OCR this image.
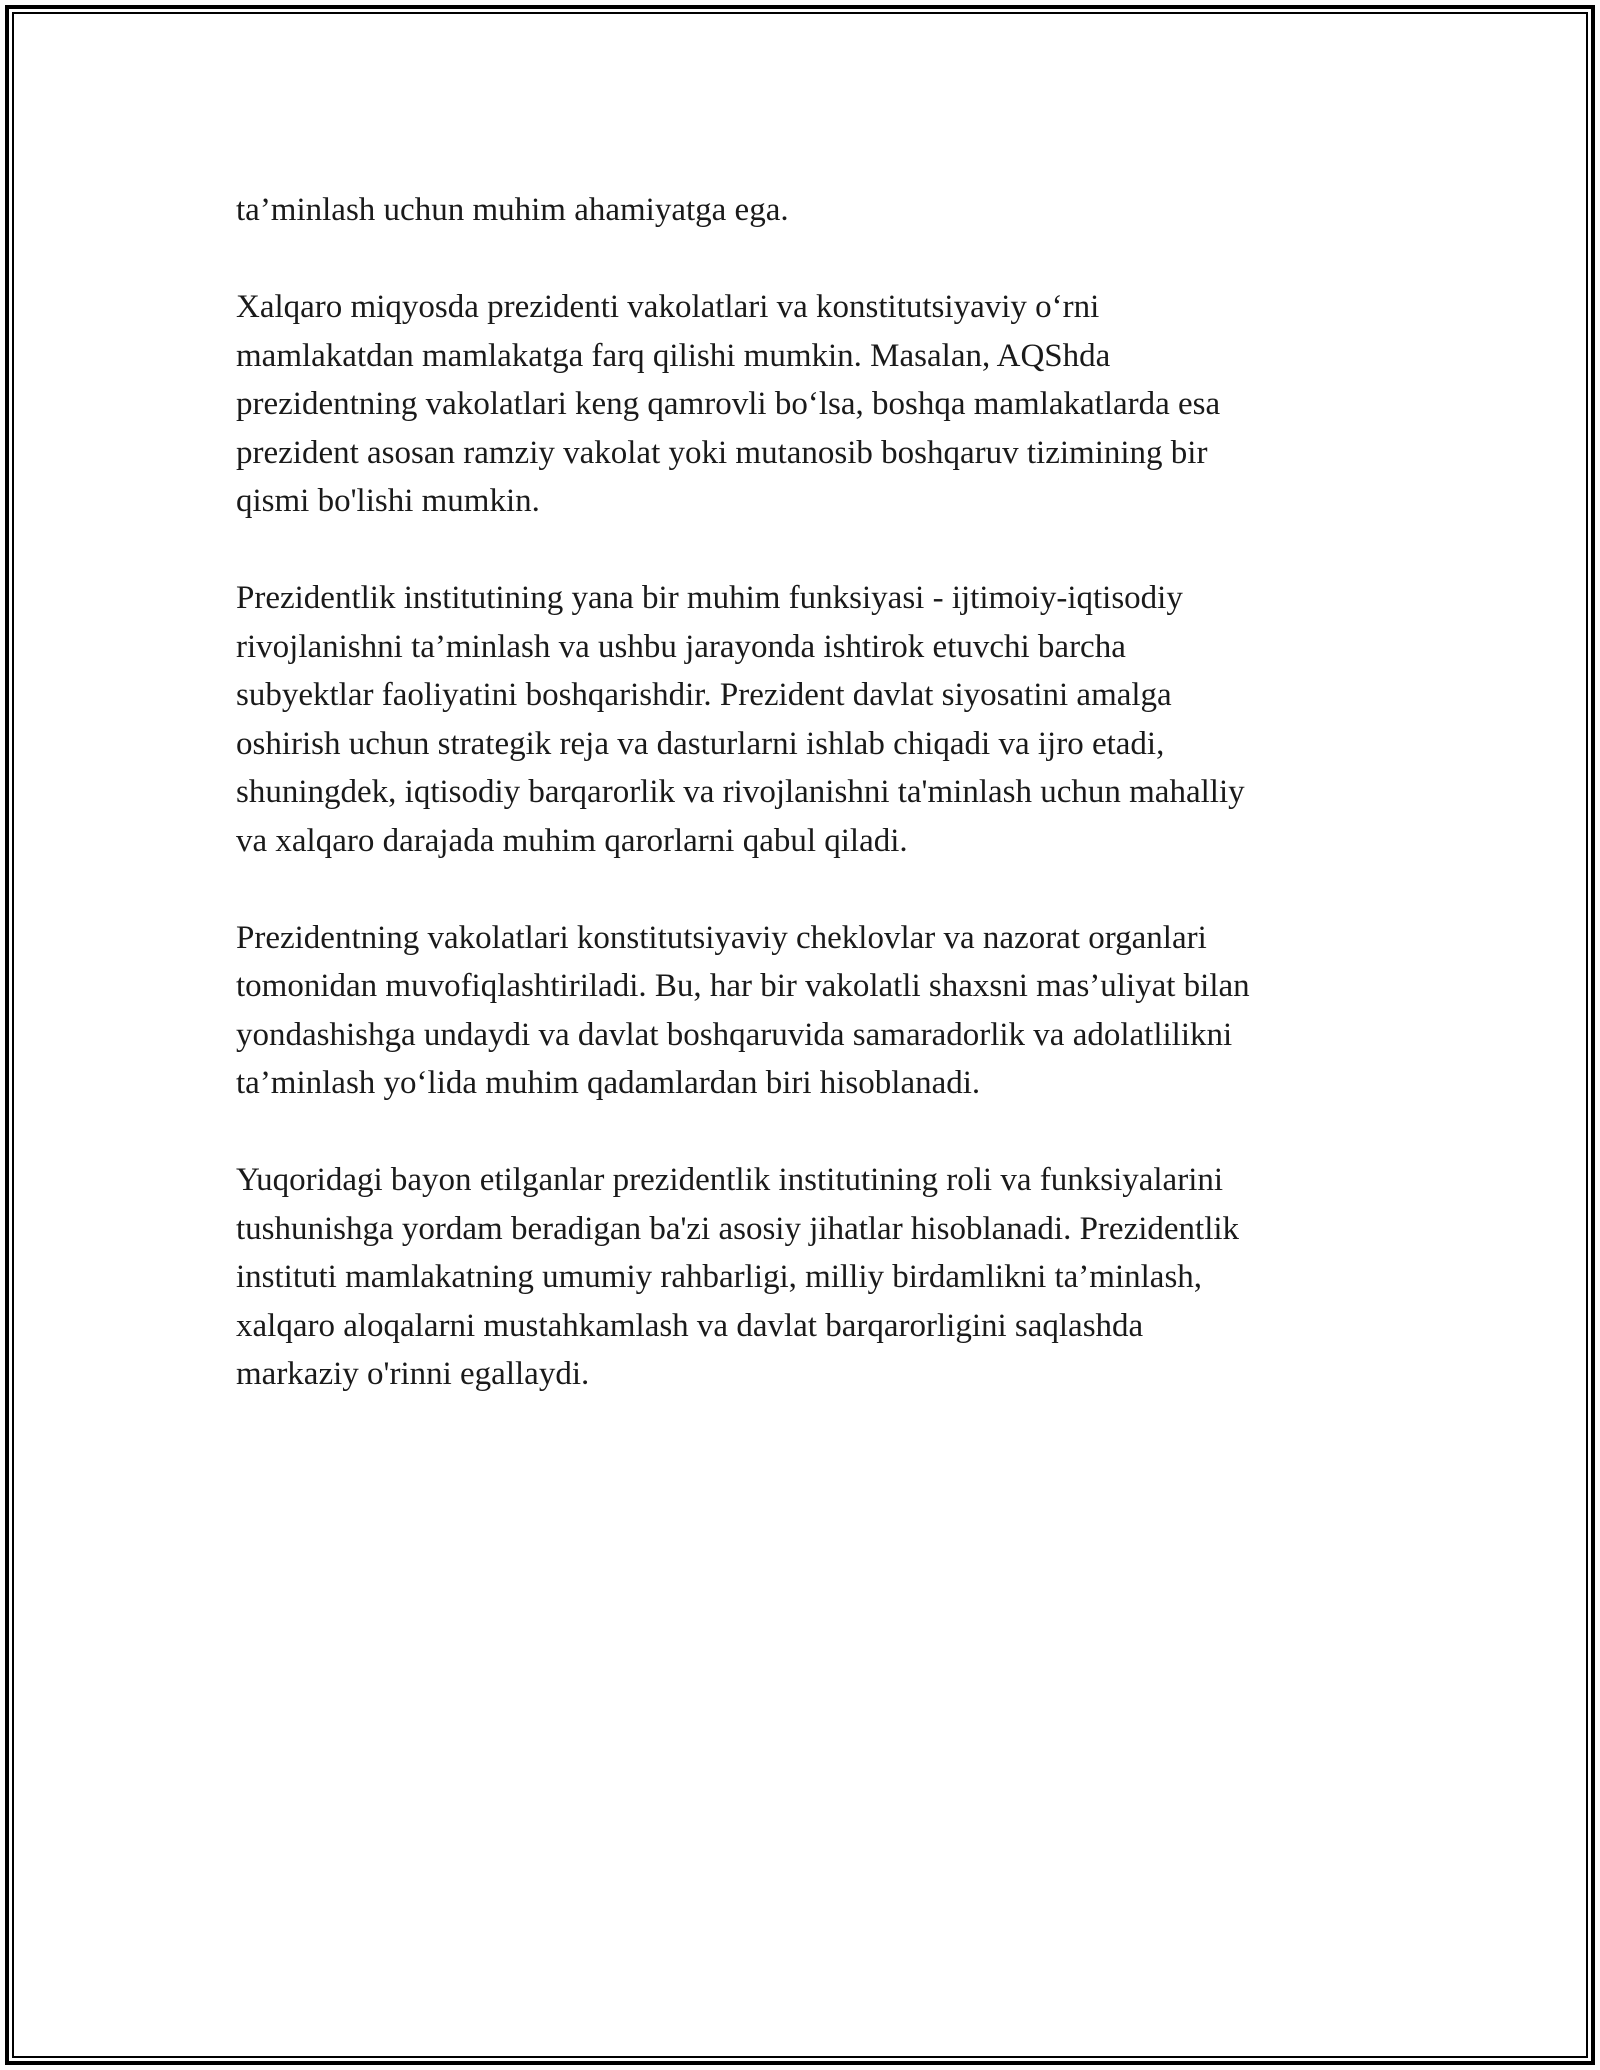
ta’minlash uchun muhim ahamiyatga ega.

Xalqaro miqyosda prezidenti vakolatlari va konstitutsiyaviy o‘rni
mamlakatdan mamlakatga farq qilishi mumkin. Masalan, AQShda
prezidentning vakolatlari keng qamrovli bo‘lsa, boshqa mamlakatlarda esa
prezident asosan ramziy vakolat yoki mutanosib boshqaruv tizimining bir
qismi bo'lishi mumkin.

Prezidentlik institutining yana bir muhim funksiyasi - ijtimoiy-iqtisodiy
rivojlanishni ta’minlash va ushbu jarayonda ishtirok etuvchi barcha
subyektlar faoliyatini boshqarishdir. Prezident davlat siyosatini amalga
oshirish uchun strategik reja va dasturlarni ishlab chiqadi va ijro etadi,
shuningdek, iqtisodiy barqarorlik va rivojlanishni ta'minlash uchun mahalliy
va xalqaro darajada muhim qarorlarni qabul qiladi.

Prezidentning vakolatlari konstitutsiyaviy cheklovlar va nazorat organlari
tomonidan muvofiqlashtiriladi. Bu, har bir vakolatli shaxsni mas’uliyat bilan
yondashishga undaydi va davlat boshqaruvida samaradorlik va adolatlilikni
ta’minlash yo‘lida muhim qadamlardan biri hisoblanadi.

Yuqoridagi bayon etilganlar prezidentlik institutining roli va funksiyalarini
tushunishga yordam beradigan ba'zi asosiy jihatlar hisoblanadi. Prezidentlik
instituti mamlakatning umumiy rahbarligi, milliy birdamlikni ta’minlash,
xalqaro aloqalarni mustahkamlash va davlat barqarorligini saqlashda
markaziy o'rinni egallaydi.
